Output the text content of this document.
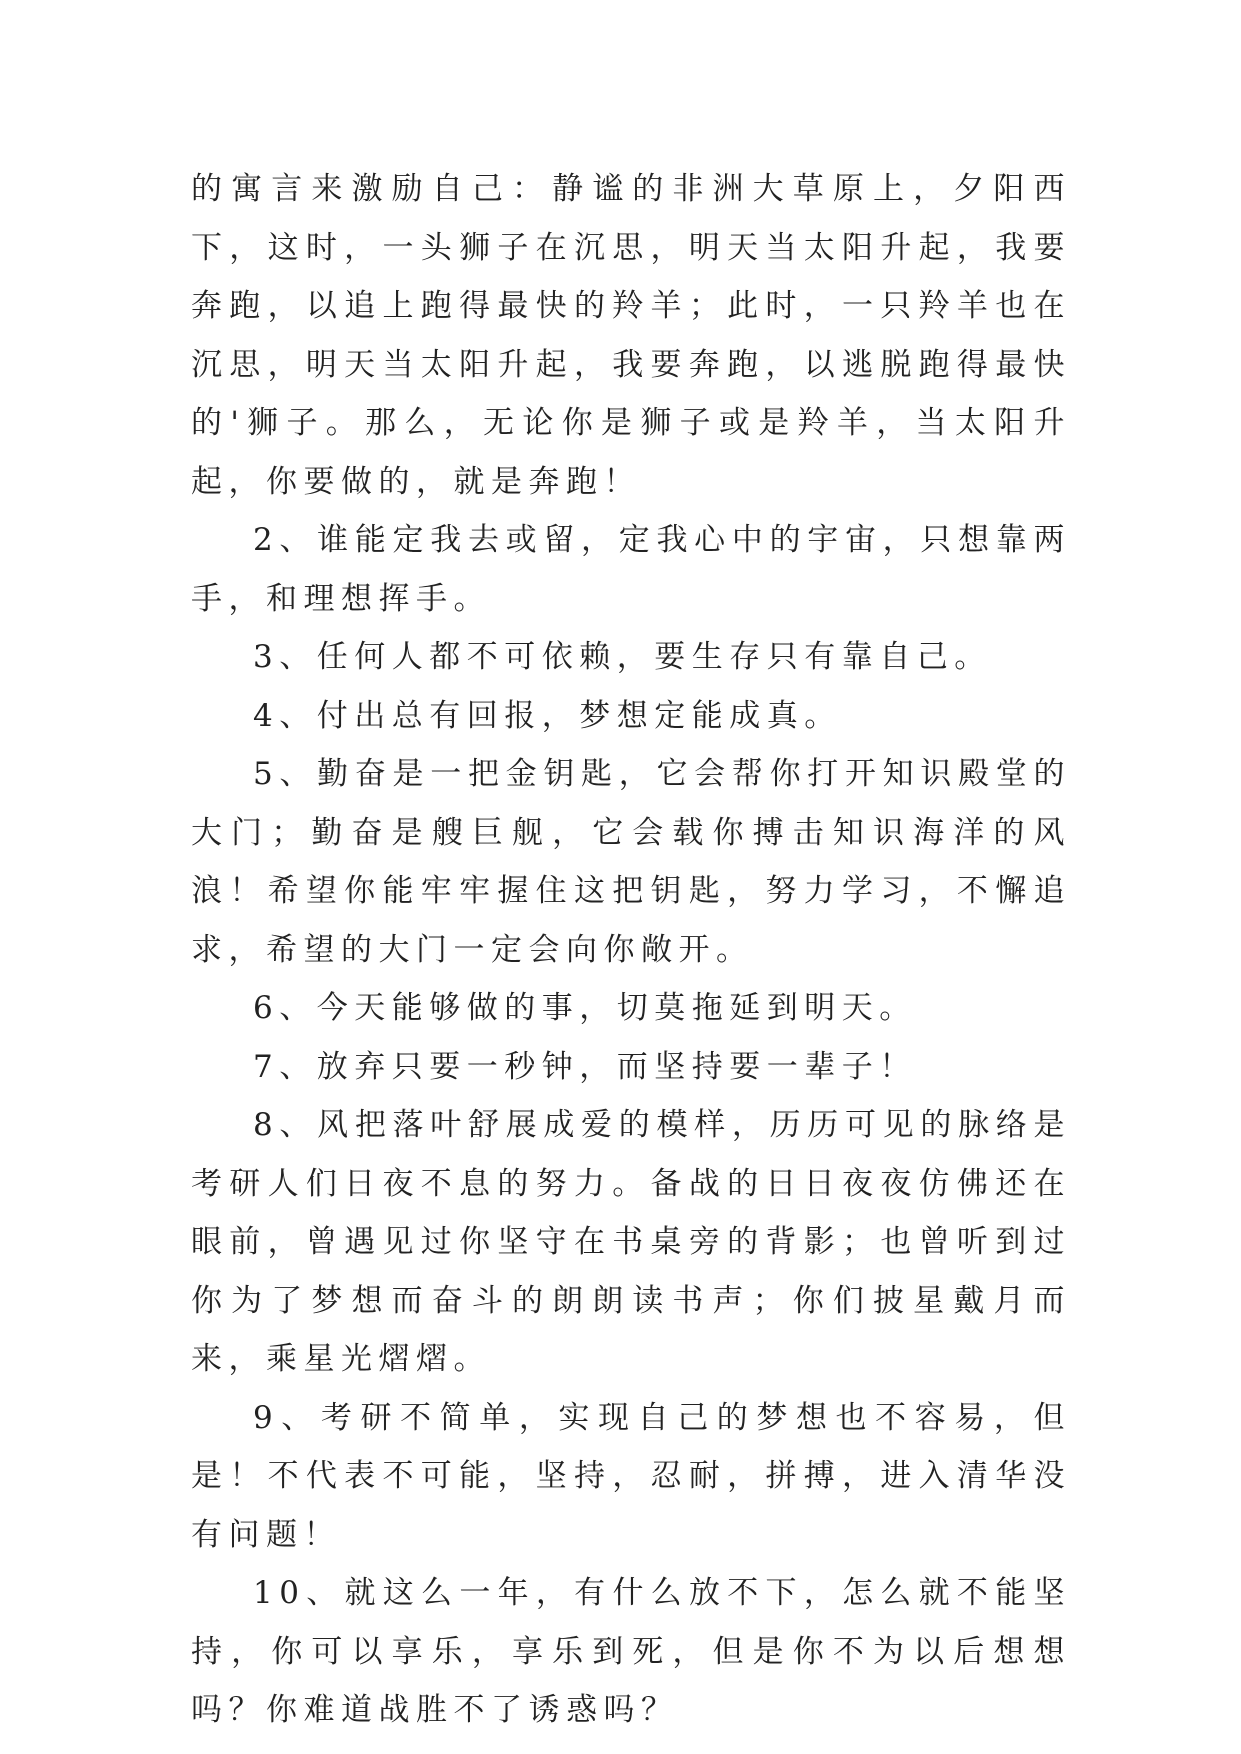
的寓言来激励自己：静谧的非洲大草原上，夕阳西下，这时，一头狮子在沉思，明天当太阳升起，我要奔跑，以追上跑得最快的羚羊；此时，一只羚羊也在沉思，明天当太阳升起，我要奔跑，以逃脱跑得最快的'狮子。那么，无论你是狮子或是羚羊，当太阳升起，你要做的，就是奔跑！

2、谁能定我去或留，定我心中的宇宙，只想靠两手，和理想挥手。

3、任何人都不可依赖，要生存只有靠自己。

4、付出总有回报，梦想定能成真。

5、勤奋是一把金钥匙，它会帮你打开知识殿堂的大门；勤奋是艘巨舰，它会载你搏击知识海洋的风浪！希望你能牢牢握住这把钥匙，努力学习，不懈追求，希望的大门一定会向你敞开。

6、今天能够做的事，切莫拖延到明天。

7、放弃只要一秒钟，而坚持要一辈子！

8、风把落叶舒展成爱的模样，历历可见的脉络是考研人们日夜不息的努力。备战的日日夜夜仿佛还在眼前，曾遇见过你坚守在书桌旁的背影；也曾听到过你为了梦想而奋斗的朗朗读书声；你们披星戴月而来，乘星光熠熠。

9、考研不简单，实现自己的梦想也不容易，但是！不代表不可能，坚持，忍耐，拼搏，进入清华没有问题！

10、就这么一年，有什么放不下，怎么就不能坚持，你可以享乐，享乐到死，但是你不为以后想想吗？你难道战胜不了诱惑吗？
